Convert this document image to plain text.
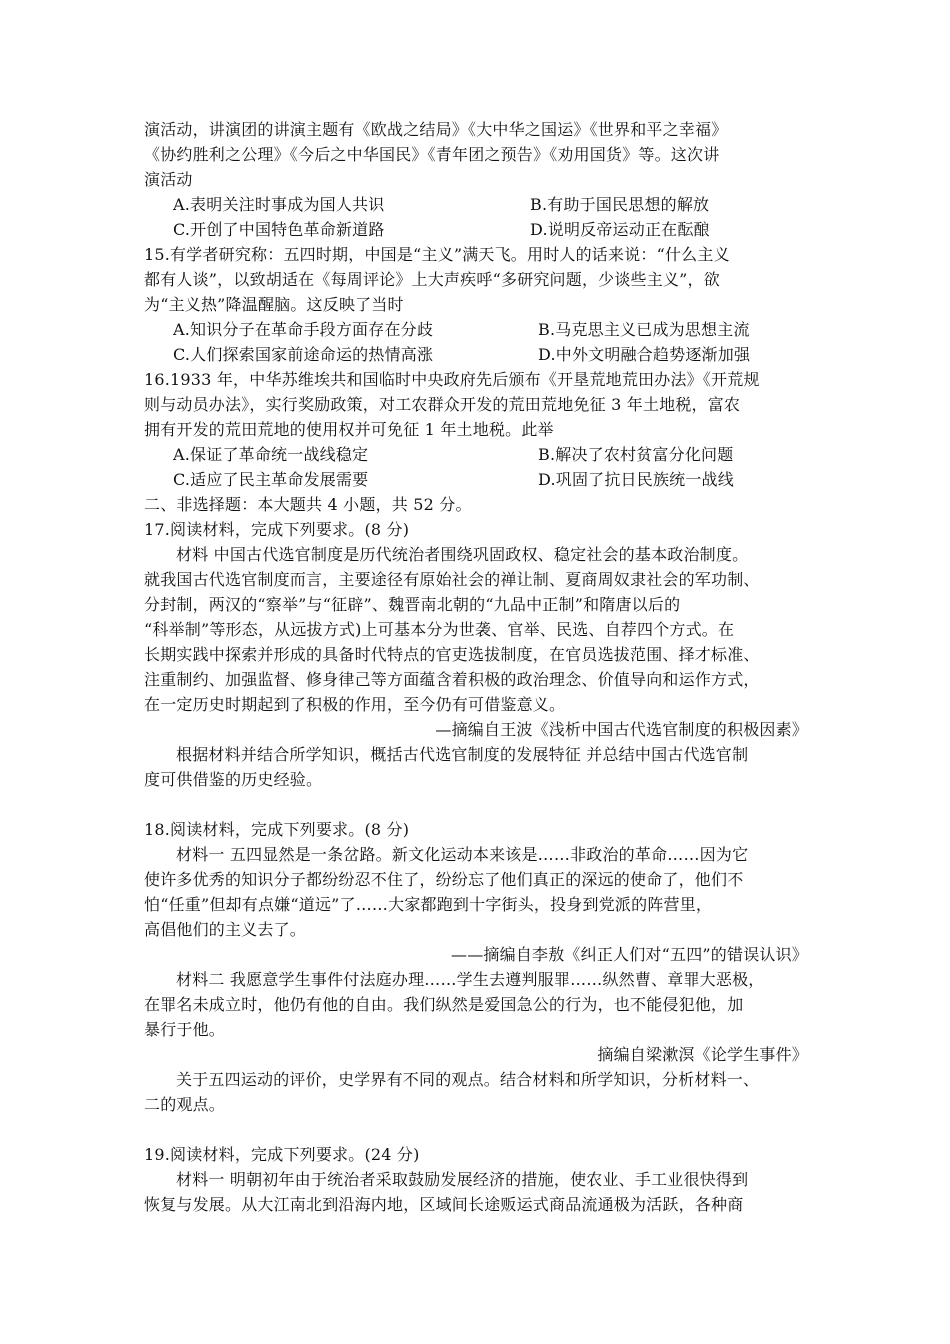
演活动，讲演团的讲演主题有《欧战之结局》《大中华之国运》《世界和平之幸福》
《协约胜利之公理》《今后之中华国民》《青年团之预告》《劝用国货》等。这次讲
演活动
A.表明关注时事成为国人共识	B.有助于国民思想的解放
C.开创了中国特色革命新道路	D.说明反帝运动正在酝酿
15.有学者研究称：五四时期，中国是“主义”满天飞。用时人的话来说：“什么主义
都有人谈”，以致胡适在《每周评论》上大声疾呼“多研究问题，少谈些主义”，欲
为“主义热”降温醒脑。这反映了当时
A.知识分子在革命手段方面存在分歧	B.马克思主义已成为思想主流
C.人们探索国家前途命运的热情高涨	D.中外文明融合趋势逐渐加强
16.1933 年，中华苏维埃共和国临时中央政府先后颁布《开垦荒地荒田办法》《开荒规
则与动员办法》，实行奖励政策，对工农群众开发的荒田荒地免征 3 年土地税，富农
拥有开发的荒田荒地的使用权并可免征 1 年土地税。此举
A.保证了革命统一战线稳定	B.解决了农村贫富分化问题
C.适应了民主革命发展需要	D.巩固了抗日民族统一战线
二、非选择题：本大题共 4 小题，共 52 分。
17.阅读材料，完成下列要求。(8 分)
材料 中国古代选官制度是历代统治者围绕巩固政权、稳定社会的基本政治制度。
就我国古代选官制度而言，主要途径有原始社会的禅让制、夏商周奴隶社会的军功制、
分封制，两汉的“察举”与“征辟”、魏晋南北朝的“九品中正制”和隋唐以后的
“科举制”等形态，从远拔方式)上可基本分为世袭、官举、民选、自荐四个方式。在
长期实践中探索并形成的具备时代特点的官吏选拔制度，在官员选拔范围、择才标准、
注重制约、加强监督、修身律己等方面蕴含着积极的政治理念、价值导向和运作方式，
在一定历史时期起到了积极的作用，至今仍有可借鉴意义。
—摘编自王波《浅析中国古代选官制度的积极因素》
根据材料并结合所学知识，概括古代选官制度的发展特征 并总结中国古代选官制
度可供借鉴的历史经验。
18.阅读材料，完成下列要求。(8 分)
材料一 五四显然是一条岔路。新文化运动本来该是……非政治的革命……因为它
使许多优秀的知识分子都纷纷忍不住了，纷纷忘了他们真正的深远的使命了，他们不
怕“任重”但却有点嫌“道远”了……大家都跑到十字街头，投身到党派的阵营里，
高倡他们的主义去了。
——摘编自李敖《纠正人们对“五四”的错误认识》
材料二 我愿意学生事件付法庭办理……学生去遵判服罪……纵然曹、章罪大恶极，
在罪名未成立时，他仍有他的自由。我们纵然是爱国急公的行为，也不能侵犯他，加
暴行于他。
摘编自梁漱溟《论学生事件》
关于五四运动的评价，史学界有不同的观点。结合材料和所学知识，分析材料一、
二的观点。
19.阅读材料，完成下列要求。(24 分)
材料一 明朝初年由于统治者采取鼓励发展经济的措施，使农业、手工业很快得到
恢复与发展。从大江南北到沿海内地，区域间长途贩运式商品流通极为活跃，各种商
